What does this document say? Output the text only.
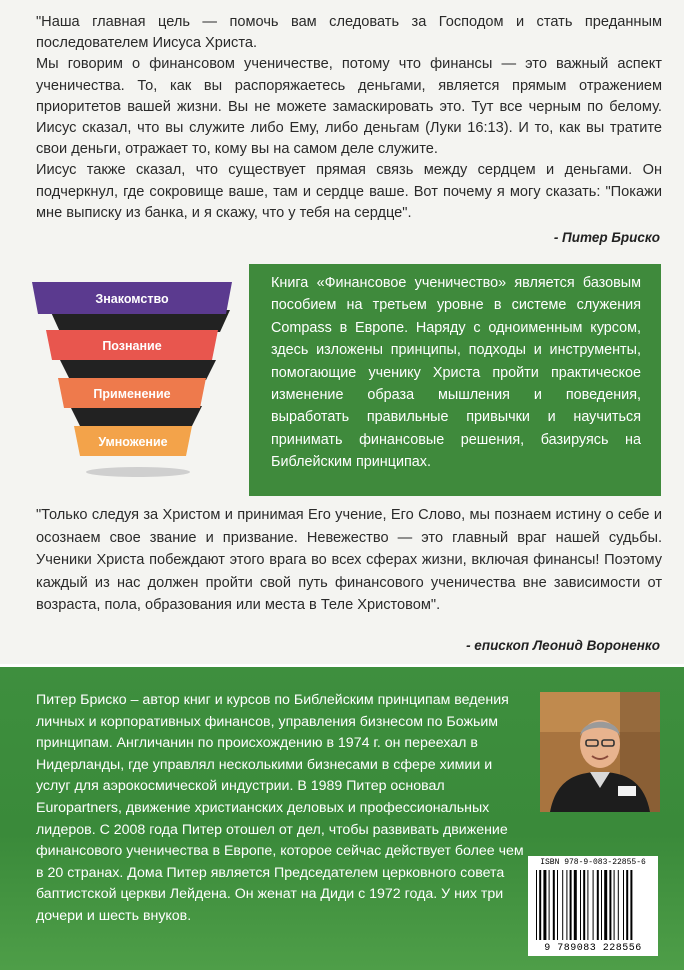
"Наша главная цель — помочь вам следовать за Господом и стать преданным последователем Иисуса Христа.

Мы говорим о финансовом ученичестве, потому что финансы — это важный аспект ученичества. То, как вы распоряжаетесь деньгами, является прямым отражением приоритетов вашей жизни. Вы не можете замаскировать это. Тут все черным по белому. Иисус сказал, что вы служите либо Ему, либо деньгам (Луки 16:13). И то, как вы тратите свои деньги, отражает то, кому вы на самом деле служите.

Иисус также сказал, что существует прямая связь между сердцем и деньгами. Он подчеркнул, где сокровище ваше, там и сердце ваше. Вот почему я могу сказать: "Покажи мне выписку из банка, и я скажу, что у тебя на сердце".

- Питер Бриско
Знакомство
Познание
Применение
Умножение
Книга «Финансовое ученичество» является базовым пособием на третьем уровне в системе служения Compass в Европе. Наряду с одноименным курсом, здесь изложены принципы, подходы и инструменты, помогающие ученику Христа пройти практическое изменение образа мышления и поведения, выработать правильные привычки и научиться принимать финансовые решения, базируясь на Библейским принципах.

"Только следуя за Христом и принимая Его учение, Его Слово, мы познаем истину о себе и осознаем свое звание и призвание. Невежество — это главный враг нашей судьбы. Ученики Христа побеждают этого врага во всех сферах жизни, включая финансы! Поэтому каждый из нас должен пройти свой путь финансового ученичества вне зависимости от возраста, пола, образования или места в Теле Христовом".

- епископ Леонид Вороненко

Питер Бриско – автор книг и курсов по Библейским принципам ведения личных и корпоративных финансов, управления бизнесом по Божьим принципам. Англичанин по происхождению в 1974 г. он переехал в Нидерланды, где управлял несколькими бизнесами в сфере химии и услуг для аэрокосмической индустрии. В 1989 Питер основал Europartners, движение христианских деловых и профессиональных лидеров. С 2008 года Питер отошел от дел, чтобы развивать движение финансового ученичества в Европе, которое сейчас действует более чем в 20 странах. Дома Питер является Председателем церковного совета баптистской церкви Лейдена. Он женат на Диди с 1972 года. У них три дочери и шесть внуков.

ISBN 978-9-083-22855-6
9 789083 228556
